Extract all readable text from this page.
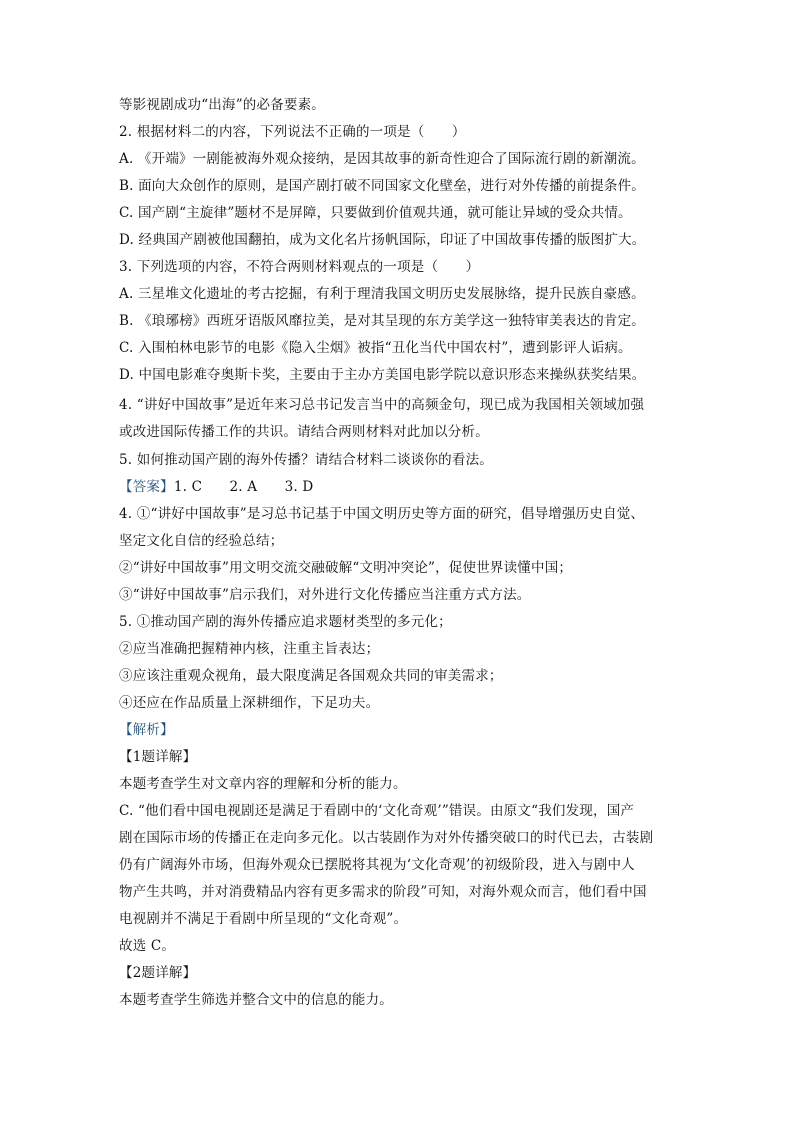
等影视剧成功“出海”的必备要素。
2. 根据材料二的内容，下列说法不正确的一项是（　　）
A. 《开端》一剧能被海外观众接纳，是因其故事的新奇性迎合了国际流行剧的新潮流。
B. 面向大众创作的原则，是国产剧打破不同国家文化壁垒，进行对外传播的前提条件。
C. 国产剧“主旋律”题材不是屏障，只要做到价值观共通，就可能让异域的受众共情。
D. 经典国产剧被他国翻拍，成为文化名片扬帆国际，印证了中国故事传播的版图扩大。
3. 下列选项的内容，不符合两则材料观点的一项是（　　）
A. 三星堆文化遗址的考古挖掘，有利于理清我国文明历史发展脉络，提升民族自豪感。
B. 《琅琊榜》西班牙语版风靡拉美，是对其呈现的东方美学这一独特审美表达的肯定。
C. 入围柏林电影节的电影《隐入尘烟》被指“丑化当代中国农村”，遭到影评人诟病。
D. 中国电影难夺奥斯卡奖，主要由于主办方美国电影学院以意识形态来操纵获奖结果。
4. “讲好中国故事”是近年来习总书记发言当中的高频金句，现已成为我国相关领域加强
或改进国际传播工作的共识。请结合两则材料对此加以分析。
5. 如何推动国产剧的海外传播？请结合材料二谈谈你的看法。
【答案】1. C　　2. A　　3. D
4. ①“讲好中国故事”是习总书记基于中国文明历史等方面的研究，倡导增强历史自觉、
坚定文化自信的经验总结；
②“讲好中国故事”用文明交流交融破解“文明冲突论”，促使世界读懂中国；
③“讲好中国故事”启示我们，对外进行文化传播应当注重方式方法。
5. ①推动国产剧的海外传播应追求题材类型的多元化；
②应当准确把握精神内核，注重主旨表达；
③应该注重观众视角，最大限度满足各国观众共同的审美需求；
④还应在作品质量上深耕细作，下足功夫。
【解析】
【1题详解】
本题考查学生对文章内容的理解和分析的能力。
C. “他们看中国电视剧还是满足于看剧中的‘文化奇观’”错误。由原文“我们发现，国产
剧在国际市场的传播正在走向多元化。以古装剧作为对外传播突破口的时代已去，古装剧
仍有广阔海外市场，但海外观众已摆脱将其视为‘文化奇观’的初级阶段，进入与剧中人
物产生共鸣，并对消费精品内容有更多需求的阶段”可知，对海外观众而言，他们看中国
电视剧并不满足于看剧中所呈现的“文化奇观”。
故选 C。
【2题详解】
本题考查学生筛选并整合文中的信息的能力。
